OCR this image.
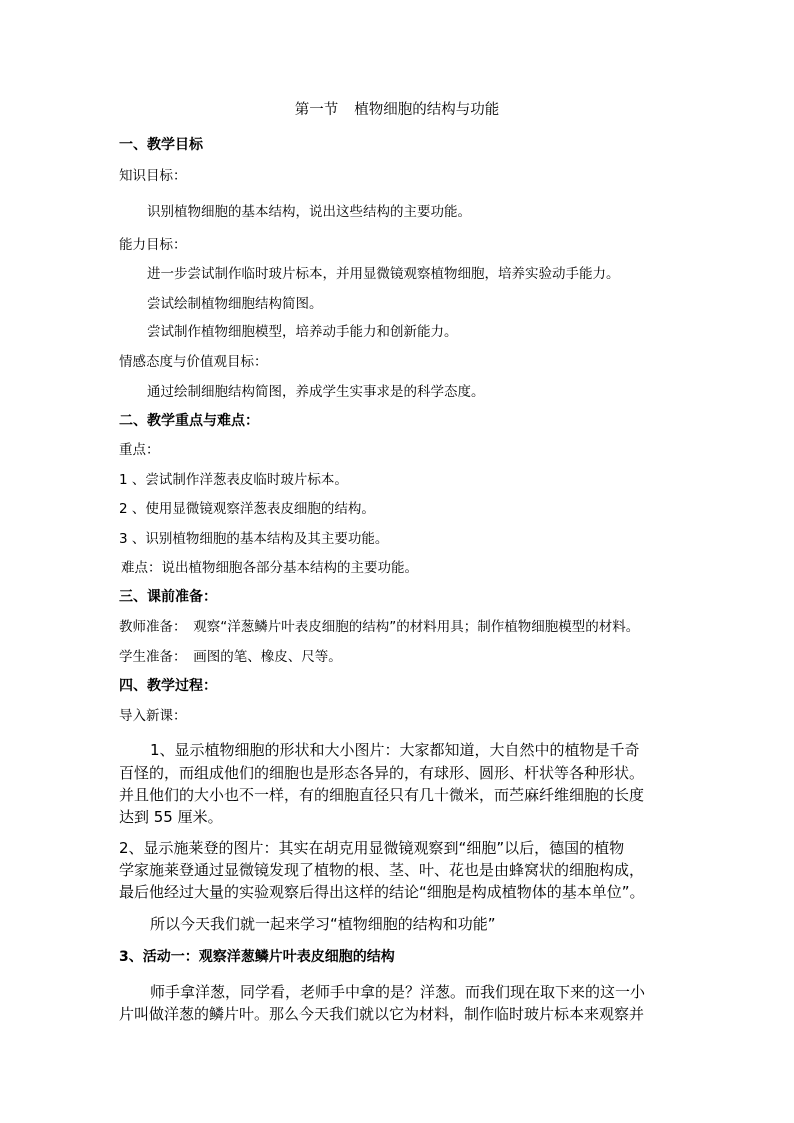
第一节 植物细胞的结构与功能
一、教学目标
知识目标：
识别植物细胞的基本结构，说出这些结构的主要功能。
能力目标：
进一步尝试制作临时玻片标本，并用显微镜观察植物细胞，培养实验动手能力。
尝试绘制植物细胞结构简图。
尝试制作植物细胞模型，培养动手能力和创新能力。
情感态度与价值观目标：
通过绘制细胞结构简图，养成学生实事求是的科学态度。
二、教学重点与难点：
重点：
1 、尝试制作洋葱表皮临时玻片标本。
2 、使用显微镜观察洋葱表皮细胞的结构。
3 、识别植物细胞的基本结构及其主要功能。
难点：说出植物细胞各部分基本结构的主要功能。
三、课前准备：
教师准备：　观察“洋葱鳞片叶表皮细胞的结构”的材料用具；制作植物细胞模型的材料。
学生准备：　画图的笔、橡皮、尺等。
四、教学过程：
导入新课：
1、显示植物细胞的形状和大小图片：大家都知道，大自然中的植物是千奇
百怪的，而组成他们的细胞也是形态各异的，有球形、圆形、杆状等各种形状。
并且他们的大小也不一样，有的细胞直径只有几十微米，而苎麻纤维细胞的长度
达到 55 厘米。
2、显示施莱登的图片：其实在胡克用显微镜观察到“细胞”以后，德国的植物
学家施莱登通过显微镜发现了植物的根、茎、叶、花也是由蜂窝状的细胞构成，
最后他经过大量的实验观察后得出这样的结论“细胞是构成植物体的基本单位”。
所以今天我们就一起来学习“植物细胞的结构和功能”
3、活动一：观察洋葱鳞片叶表皮细胞的结构
师手拿洋葱，同学看，老师手中拿的是？洋葱。而我们现在取下来的这一小
片叫做洋葱的鳞片叶。那么今天我们就以它为材料，制作临时玻片标本来观察并
